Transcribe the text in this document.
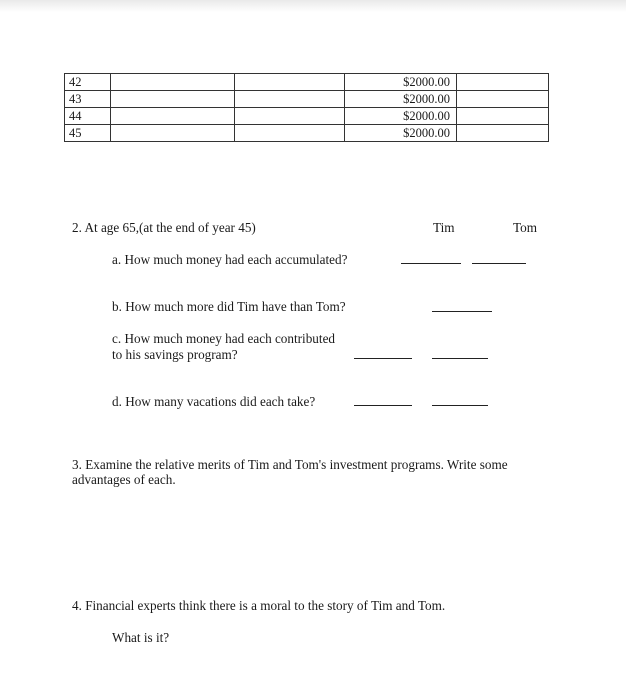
42			$2000.00	
43			$2000.00	
44			$2000.00	
45			$2000.00	
2. At age 65,(at the end of year 45)	Tim	Tom
a. How much money had each accumulated?
b. How much more did Tim have than Tom?
c. How much money had each contributed
to his savings program?
d. How many vacations did each take?
3. Examine the relative merits of Tim and Tom's investment programs. Write some
advantages of each.
4. Financial experts think there is a moral to the story of Tim and Tom.
What is it?
